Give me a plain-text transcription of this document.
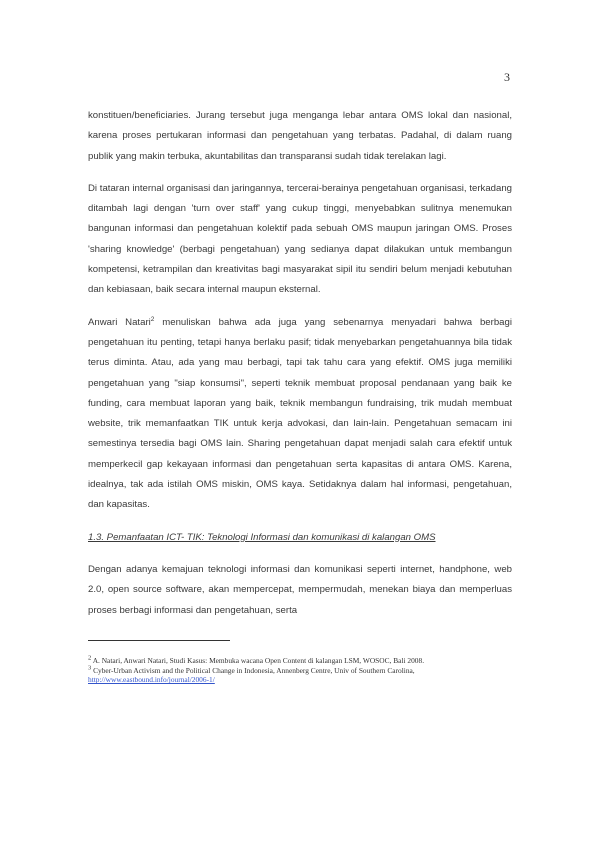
3

konstituen/beneficiaries. Jurang tersebut juga menganga lebar antara OMS lokal dan nasional, karena proses pertukaran informasi dan pengetahuan yang terbatas. Padahal, di dalam ruang publik yang makin terbuka, akuntabilitas dan transparansi sudah tidak terelakan lagi.

Di tataran internal organisasi dan jaringannya, tercerai-berainya pengetahuan organisasi, terkadang ditambah lagi dengan 'turn over staff' yang cukup tinggi, menyebabkan sulitnya menemukan bangunan informasi dan pengetahuan kolektif pada sebuah OMS maupun jaringan OMS. Proses 'sharing knowledge' (berbagi pengetahuan) yang sedianya dapat dilakukan untuk membangun kompetensi, ketrampilan dan kreativitas bagi masyarakat sipil itu sendiri belum menjadi kebutuhan dan kebiasaan, baik secara internal maupun eksternal.

Anwari Natari$^2$ menuliskan bahwa ada juga yang sebenarnya menyadari bahwa berbagi pengetahuan itu penting, tetapi hanya berlaku pasif; tidak menyebarkan pengetahuannya bila tidak terus diminta. Atau, ada yang mau berbagi, tapi tak tahu cara yang efektif. OMS juga memiliki pengetahuan yang "siap konsumsi", seperti teknik membuat proposal pendanaan yang baik ke funding, cara membuat laporan yang baik, teknik membangun fundraising, trik mudah membuat website, trik memanfaatkan TIK untuk kerja advokasi, dan lain-lain. Pengetahuan semacam ini semestinya tersedia bagi OMS lain. Sharing pengetahuan dapat menjadi salah cara efektif untuk memperkecil gap kekayaan informasi dan pengetahuan serta kapasitas di antara OMS. Karena, idealnya, tak ada istilah OMS miskin, OMS kaya. Setidaknya dalam hal informasi, pengetahuan, dan kapasitas.

1.3. Pemanfaatan ICT- TIK: Teknologi Informasi dan komunikasi di kalangan OMS

Dengan adanya kemajuan teknologi informasi dan komunikasi seperti internet, handphone, web 2.0, open source software, akan mempercepat, mempermudah, menekan biaya dan memperluas proses berbagi informasi dan pengetahuan, serta

$^2$ A. Natari, Anwari Natari, Studi Kasus: Membuka wacana Open Content di kalangan LSM, WOSOC, Bali 2008.

$^3$ Cyber-Urban Activism and the Political Change in Indonesia, Annenberg Centre, Univ of Southern Carolina, http://www.eastbound.info/journal/2006-1/
